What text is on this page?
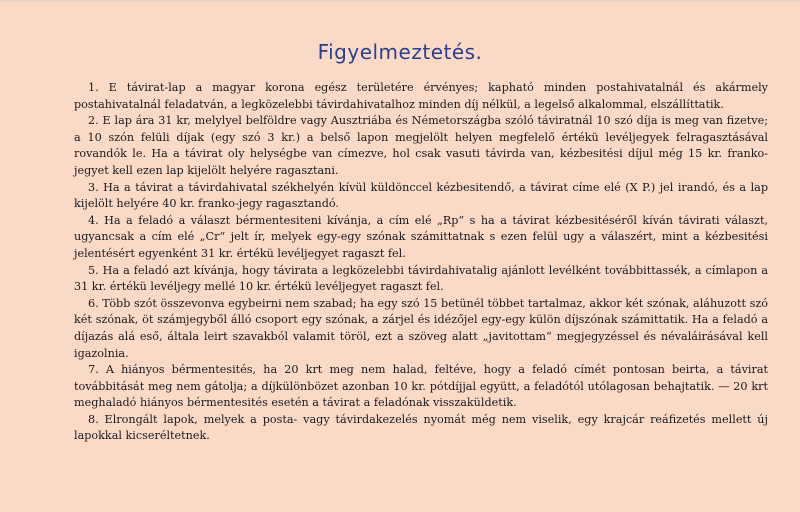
Figyelmeztetés.

1. E távirat-lap a magyar korona egész területére érvényes; kapható minden postahivatalnál és akármely postahivatalnál feladatván, a legközelebbi távirdahivatalhoz minden díj nélkül, a legelső alkalommal, elszállíttatik.

2. E lap ára 31 kr, melylyel belföldre vagy Ausztriába és Németországba szóló táviratnál 10 szó díja is meg van fizetve; a 10 szón felüli díjak (egy szó 3 kr.) a belső lapon megjelölt helyen megfelelő értékü levéljegyek felragasztásával rovandók le. Ha a távirat oly helységbe van címezve, hol csak vasuti távirda van, kézbesitési díjul még 15 kr. franko-jegyet kell ezen lap kijelölt helyére ragasztani.

3. Ha a távirat a távirdahivatal székhelyén kívül küldönccel kézbesitendő, a távirat címe elé (X P.) jel irandó, és a lap kijelölt helyére 40 kr. franko-jegy ragasztandó.

4. Ha a feladó a választ bérmentesiteni kívánja, a cím elé „Rp“ s ha a távirat kézbesitéséről kíván távirati választ, ugyancsak a cím elé „Cr“ jelt ír, melyek egy-egy szónak számittatnak s ezen felül ugy a válaszért, mint a kézbesitési jelentésért egyenként 31 kr. értékü levéljegyet ragaszt fel.

5. Ha a feladó azt kívánja, hogy távirata a legközelebbi távirdahivatalig ajánlott levélként továbbittassék, a címlapon a 31 kr. értékü levéljegy mellé 10 kr. értékü levéljegyet ragaszt fel.

6. Több szót összevonva egybeirni nem szabad; ha egy szó 15 betünél többet tartalmaz, akkor két szónak, aláhuzott szó két szónak, öt számjegyből álló csoport egy szónak, a zárjel és idézőjel egy-egy külön díjszónak számittatik. Ha a feladó a díjazás alá eső, általa leirt szavakból valamit töröl, ezt a szöveg alatt „javitottam“ megjegyzéssel és névaláirásával kell igazolnia.

7. A hiányos bérmentesités, ha 20 krt meg nem halad, feltéve, hogy a feladó címét pontosan beirta, a távirat továbbitását meg nem gátolja; a díjkülönbözet azonban 10 kr. pótdíjjal együtt, a feladótól utólagosan behajtatik. — 20 krt meghaladó hiányos bérmentesités esetén a távirat a feladónak visszaküldetik.

8. Elrongált lapok, melyek a posta- vagy távirdakezelés nyomát még nem viselik, egy krajcár reáfizetés mellett új lapokkal kicseréltetnek.
